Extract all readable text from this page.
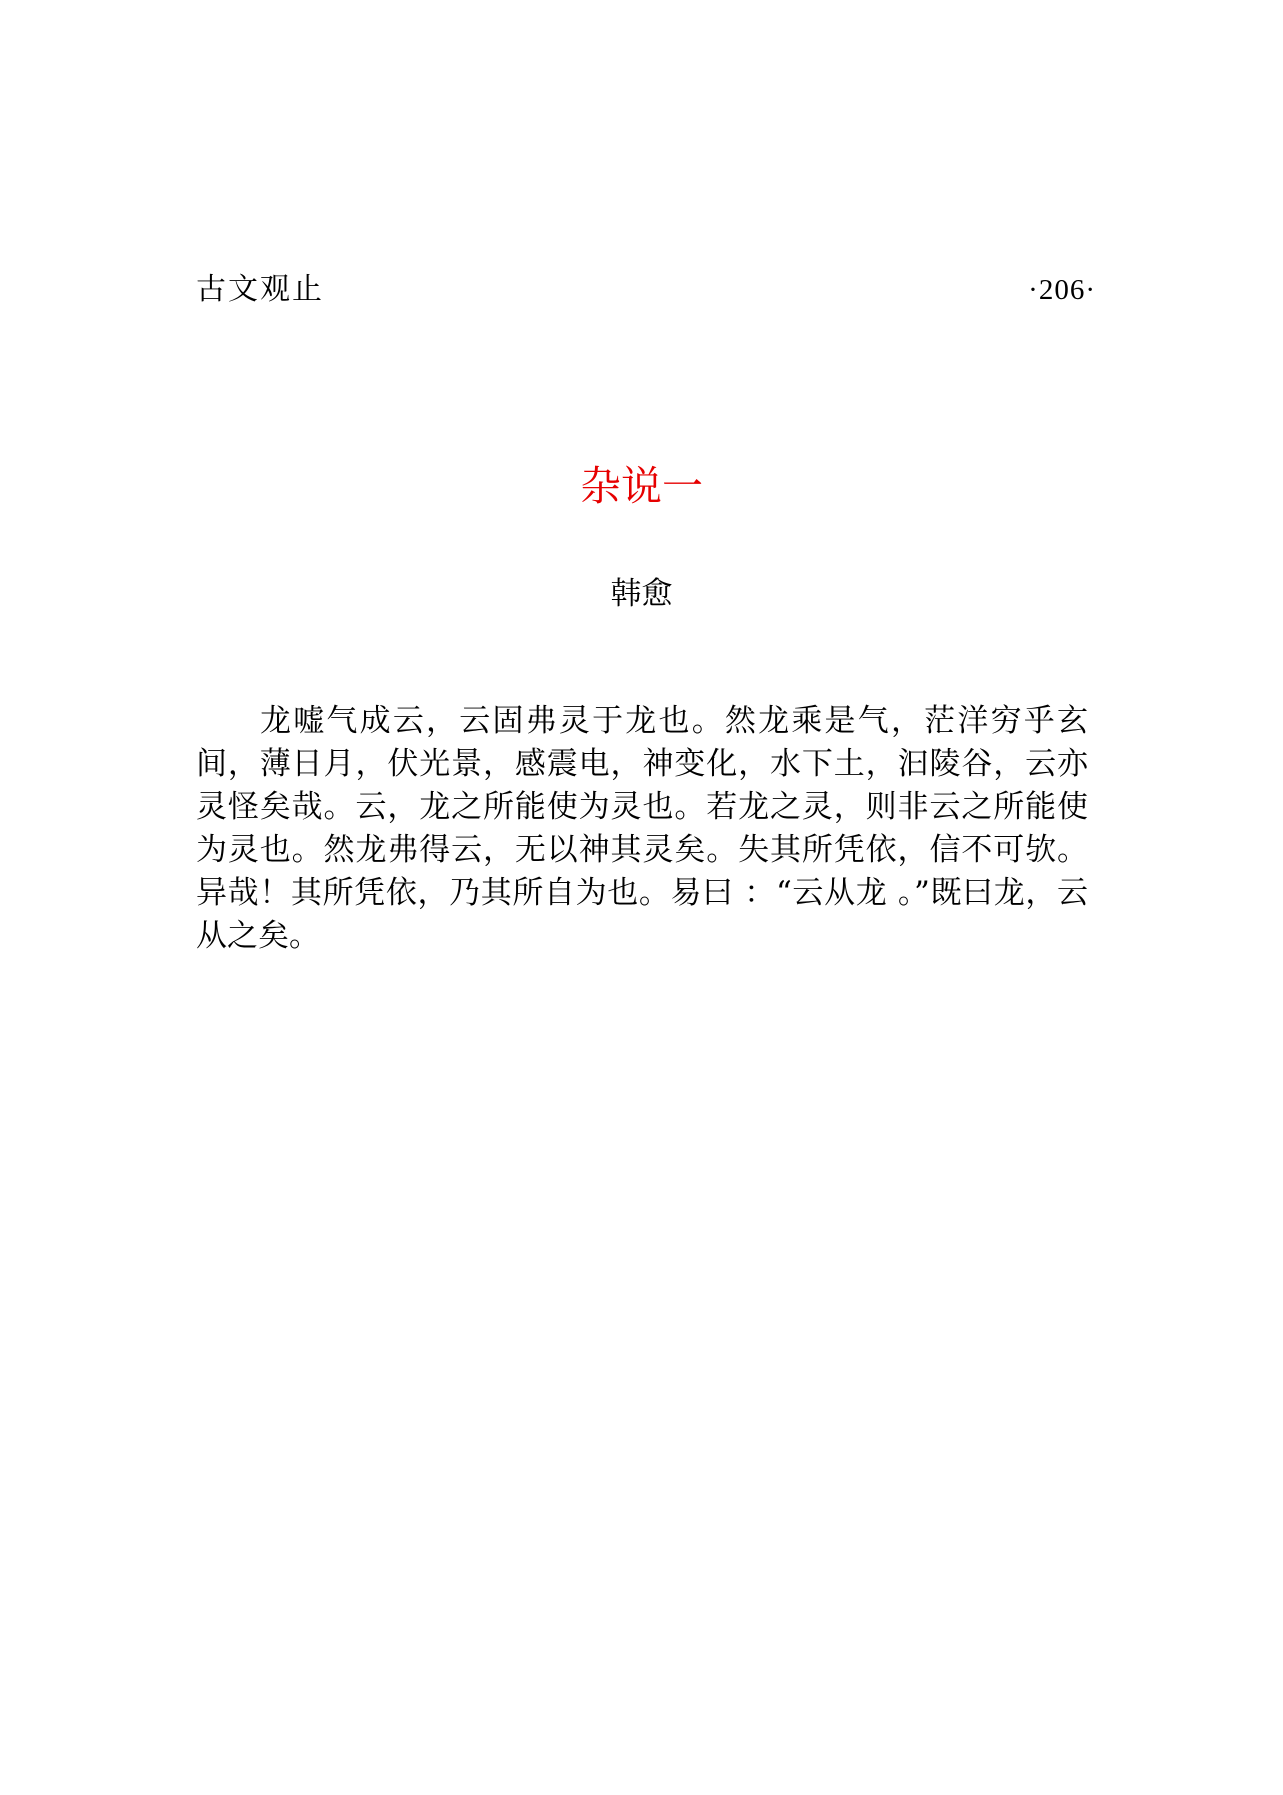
古文观止	·206·
杂说一
韩愈

龙嘘气成云，云固弗灵于龙也。然龙乘是气，茫洋穷乎玄间，薄日月，伏光景，感震电，神变化，水下土，汩陵谷，云亦灵怪矣哉。云，龙之所能使为灵也。若龙之灵，则非云之所能使为灵也。然龙弗得云，无以神其灵矣。失其所凭依，信不可欤。异哉！其所凭依，乃其所自为也。易曰 ：“云从龙 。”既曰龙，云从之矣。
